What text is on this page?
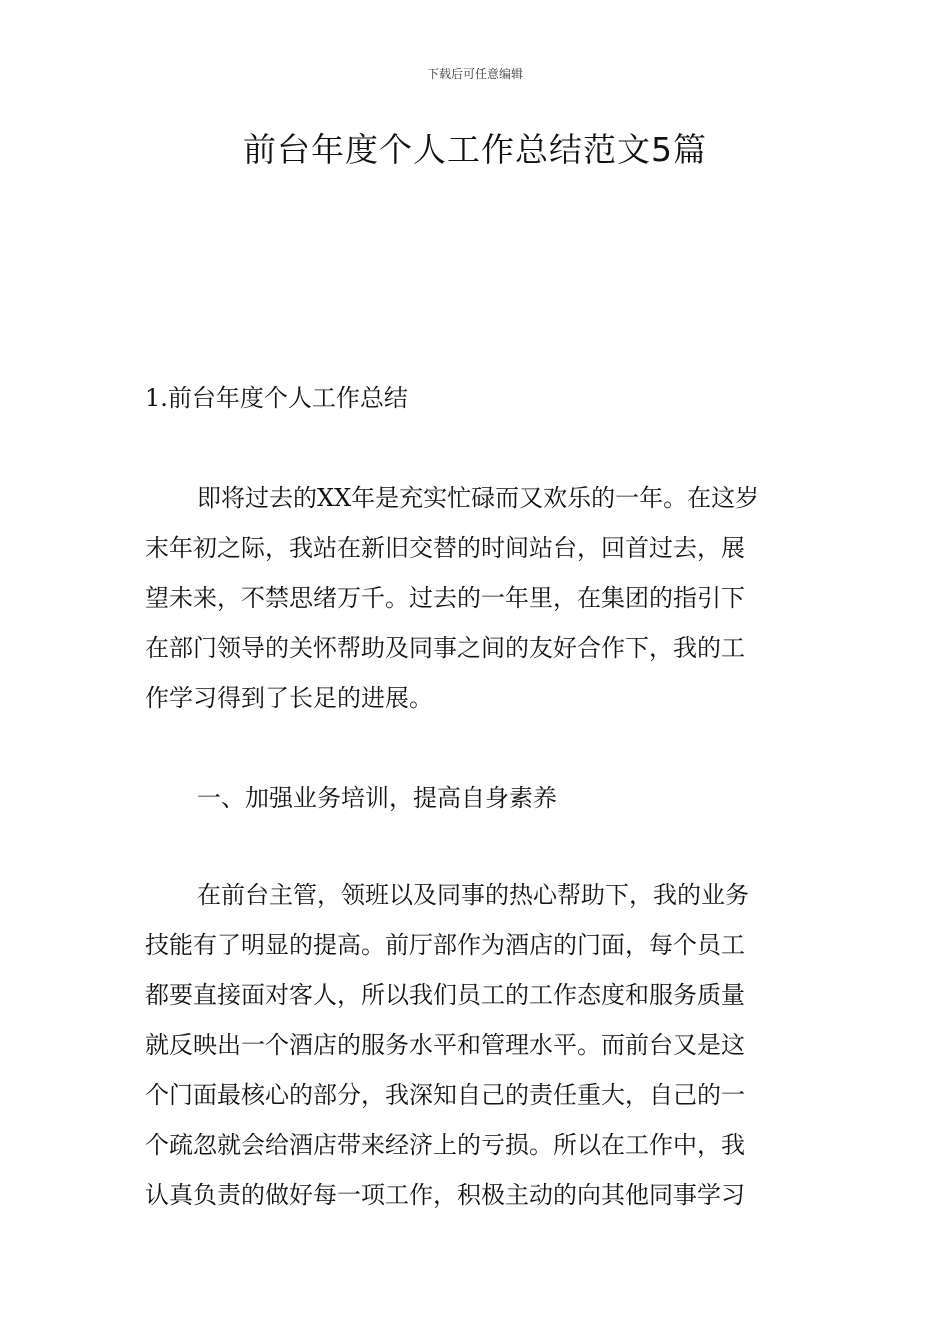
下载后可任意编辑
前台年度个人工作总结范文5篇
1.前台年度个人工作总结

即将过去的XX年是充实忙碌而又欢乐的一年。在这岁
末年初之际，我站在新旧交替的时间站台，回首过去，展
望未来，不禁思绪万千。过去的一年里，在集团的指引下
在部门领导的关怀帮助及同事之间的友好合作下，我的工
作学习得到了长足的进展。

一、加强业务培训，提高自身素养

在前台主管，领班以及同事的热心帮助下，我的业务
技能有了明显的提高。前厅部作为酒店的门面，每个员工
都要直接面对客人，所以我们员工的工作态度和服务质量
就反映出一个酒店的服务水平和管理水平。而前台又是这
个门面最核心的部分，我深知自己的责任重大，自己的一
个疏忽就会给酒店带来经济上的亏损。所以在工作中，我
认真负责的做好每一项工作，积极主动的向其他同事学习
